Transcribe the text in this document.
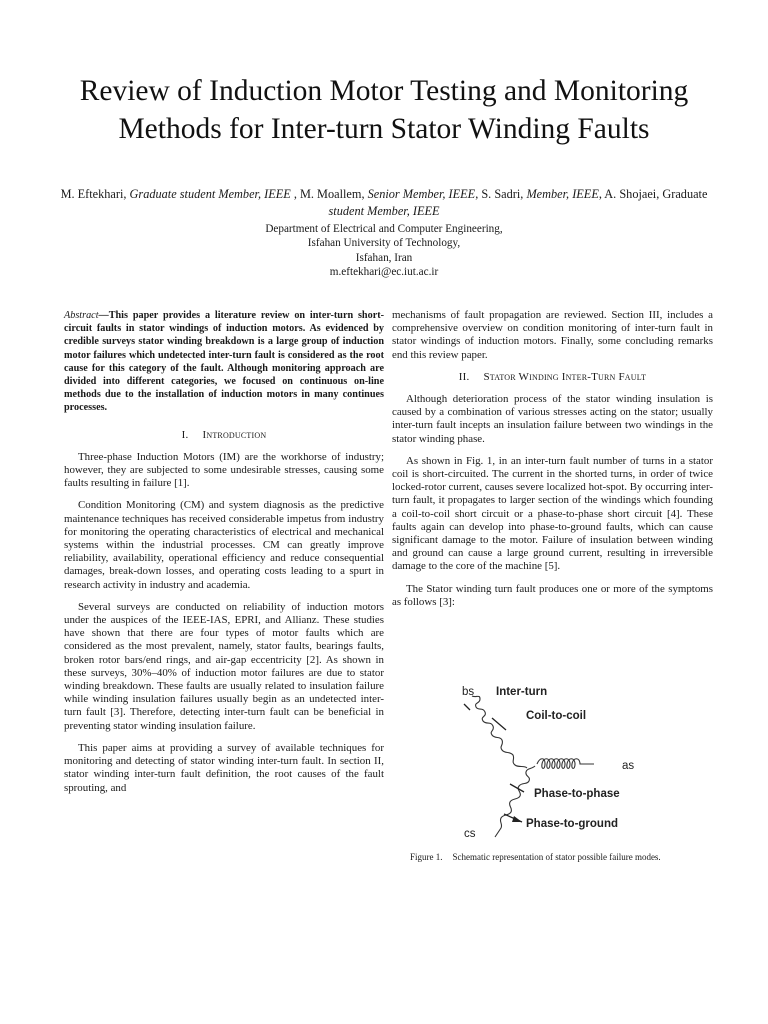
Review of Induction Motor Testing and Monitoring
Methods for Inter-turn Stator Winding Faults
M. Eftekhari, Graduate student Member, IEEE , M. Moallem, Senior Member, IEEE, S. Sadri, Member, IEEE, A. Shojaei, Graduate student Member, IEEE
Department of Electrical and Computer Engineering,
Isfahan University of Technology,
Isfahan, Iran
m.eftekhari@ec.iut.ac.ir

Abstract—This paper provides a literature review on inter-turn short-circuit faults in stator windings of induction motors. As evidenced by credible surveys stator winding breakdown is a large group of induction motor failures which undetected inter-turn fault is considered as the root cause for this category of the fault. Although monitoring approach are divided into different categories, we focused on continuous on-line methods due to the installation of induction motors in many continues processes.

I. Introduction

Three-phase Induction Motors (IM) are the workhorse of industry; however, they are subjected to some undesirable stresses, causing some faults resulting in failure [1].

Condition Monitoring (CM) and system diagnosis as the predictive maintenance techniques has received considerable impetus from industry for monitoring the operating characteristics of electrical and mechanical systems within the industrial processes. CM can greatly improve reliability, availability, operational efficiency and reduce consequential damages, break-down losses, and operating costs leading to a spurt in research activity in industry and academia.

Several surveys are conducted on reliability of induction motors under the auspices of the IEEE-IAS, EPRI, and Allianz. These studies have shown that there are four types of motor faults which are considered as the most prevalent, namely, stator faults, bearings faults, broken rotor bars/end rings, and air-gap eccentricity [2]. As shown in these surveys, 30%–40% of induction motor failures are due to stator winding breakdown. These faults are usually related to insulation failure while winding insulation failures usually begin as an undetected inter-turn fault [3]. Therefore, detecting inter-turn fault can be beneficial in preventing stator winding insulation failure.

This paper aims at providing a survey of available techniques for monitoring and detecting of stator winding inter-turn fault. In section II, stator winding inter-turn fault definition, the root causes of the fault sprouting, and

mechanisms of fault propagation are reviewed. Section III, includes a comprehensive overview on condition monitoring of inter-turn fault in stator windings of induction motors. Finally, some concluding remarks end this review paper.

II. Stator Winding Inter-Turn Fault

Although deterioration process of the stator winding insulation is caused by a combination of various stresses acting on the stator; usually inter-turn fault incepts an insulation failure between two windings in the stator winding phase.

As shown in Fig. 1, in an inter-turn fault number of turns in a stator coil is short-circuited. The current in the shorted turns, in order of twice locked-rotor current, causes severe localized hot-spot. By occurring inter-turn fault, it propagates to larger section of the windings which founding a coil-to-coil short circuit or a phase-to-phase short circuit [4]. These faults again can develop into phase-to-ground faults, which can cause significant damage to the motor. Failure of insulation between winding and ground can cause a large ground current, resulting in irreversible damage to the core of the machine [5].

The Stator winding turn fault produces one or more of the symptoms as follows [3]:

bs Inter-turn
Coil-to-coil
as
Phase-to-phase
Phase-to-ground
cs
Figure 1. Schematic representation of stator possible failure modes.
